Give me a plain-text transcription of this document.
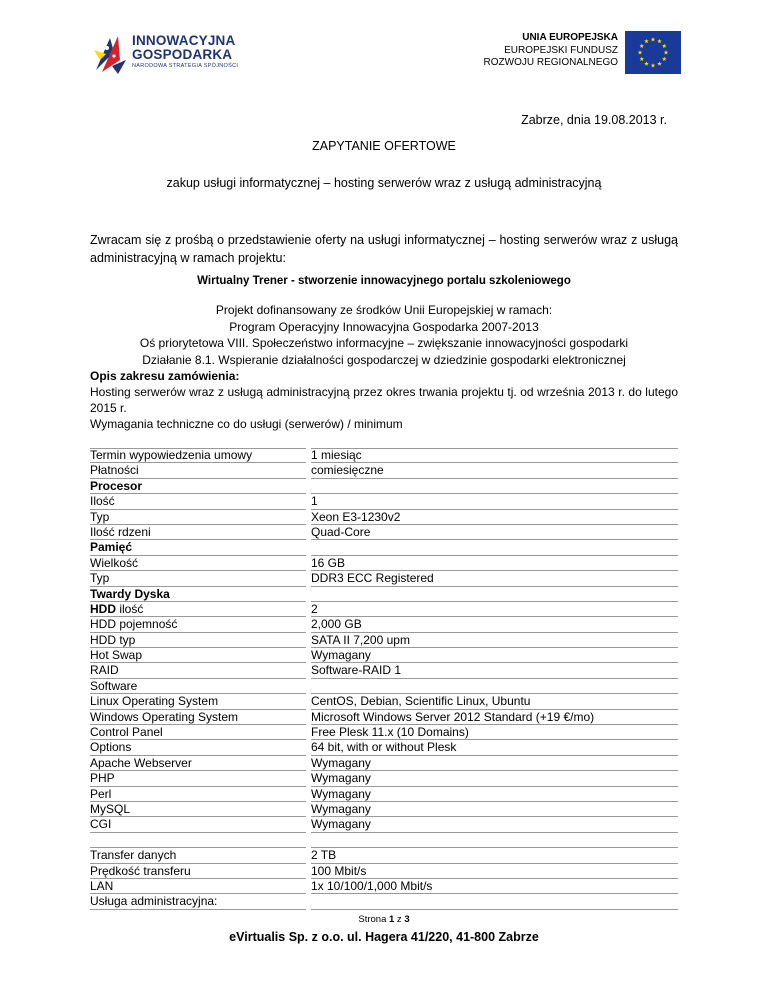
INNOWACYJNA
GOSPODARKA
NARODOWA STRATEGIA SPÓJNOŚCI
UNIA EUROPEJSKA
EUROPEJSKI FUNDUSZ
ROZWOJU REGIONALNEGO
Zabrze, dnia 19.08.2013 r.
ZAPYTANIE OFERTOWE
zakup usługi informatycznej – hosting serwerów wraz z usługą administracyjną
Zwracam się z prośbą o przedstawienie oferty na usługi informatycznej – hosting serwerów wraz z usługą administracyjną w ramach projektu:
Wirtualny Trener - stworzenie innowacyjnego portalu szkoleniowego
Projekt dofinansowany ze środków Unii Europejskiej w ramach:
Program Operacyjny Innowacyjna Gospodarka 2007-2013
Oś priorytetowa VIII. Społeczeństwo informacyjne – zwiększanie innowacyjności gospodarki
Działanie 8.1. Wspieranie działalności gospodarczej w dziedzinie gospodarki elektronicznej
Opis zakresu zamówienia:
Hosting serwerów wraz z usługą administracyjną przez okres trwania projektu tj. od września 2013 r. do lutego 2015 r.
Wymagania techniczne co do usługi (serwerów) / minimum
Termin wypowiedzenia umowy	1 miesiąc
Płatności	comiesięczne
Procesor
Ilość	1
Typ	Xeon E3-1230v2
Ilość rdzeni	Quad-Core
Pamięć
Wielkość	16 GB
Typ	DDR3 ECC Registered
Twardy Dyska
HDD ilość	2
HDD pojemność	2,000 GB
HDD typ	SATA II 7,200 upm
Hot Swap	Wymagany
RAID	Software-RAID 1
Software
Linux Operating System	CentOS, Debian, Scientific Linux, Ubuntu
Windows Operating System	Microsoft Windows Server 2012 Standard (+19 €/mo)
Control Panel	Free Plesk 11.x (10 Domains)
Options	64 bit, with or without Plesk
Apache Webserver	Wymagany
PHP	Wymagany
Perl	Wymagany
MySQL	Wymagany
CGI	Wymagany
Transfer danych	2 TB
Prędkość transferu	100 Mbit/s
LAN	1x 10/100/1,000 Mbit/s
Usługa administracyjna:
Strona 1 z 3
eVirtualis Sp. z o.o. ul. Hagera 41/220, 41-800 Zabrze
